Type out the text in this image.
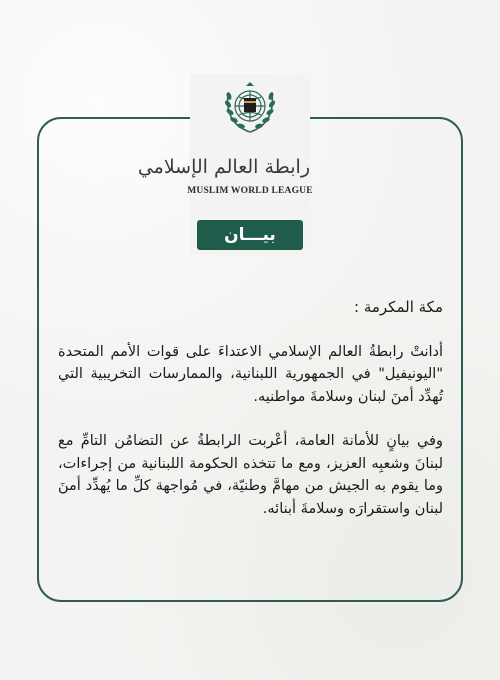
رابطة العالم الإسلامي
MUSLIM WORLD LEAGUE
بيـــان

مكة المكرمة :

أدانتْ رابطةُ العالم الإسلامي الاعتداءَ على قوات الأمم المتحدة "اليونيفيل" في الجمهورية اللبنانية، والممارسات التخريبية التي تُهدِّد أمنَ لبنان وسلامةَ مواطنيه.

وفي بيانٍ للأمانة العامة، أعْربت الرابطةُ عن التضامُن التامِّ مع لبنانَ وشعبِه العزيز، ومع ما تتخذه الحكومة اللبنانية من إجراءات، وما يقوم به الجيش من مهامَّ وطنيّة، في مُواجهة كلِّ ما يُهدِّد أمنَ لبنان واستقرارَه وسلامةَ أبنائه.
